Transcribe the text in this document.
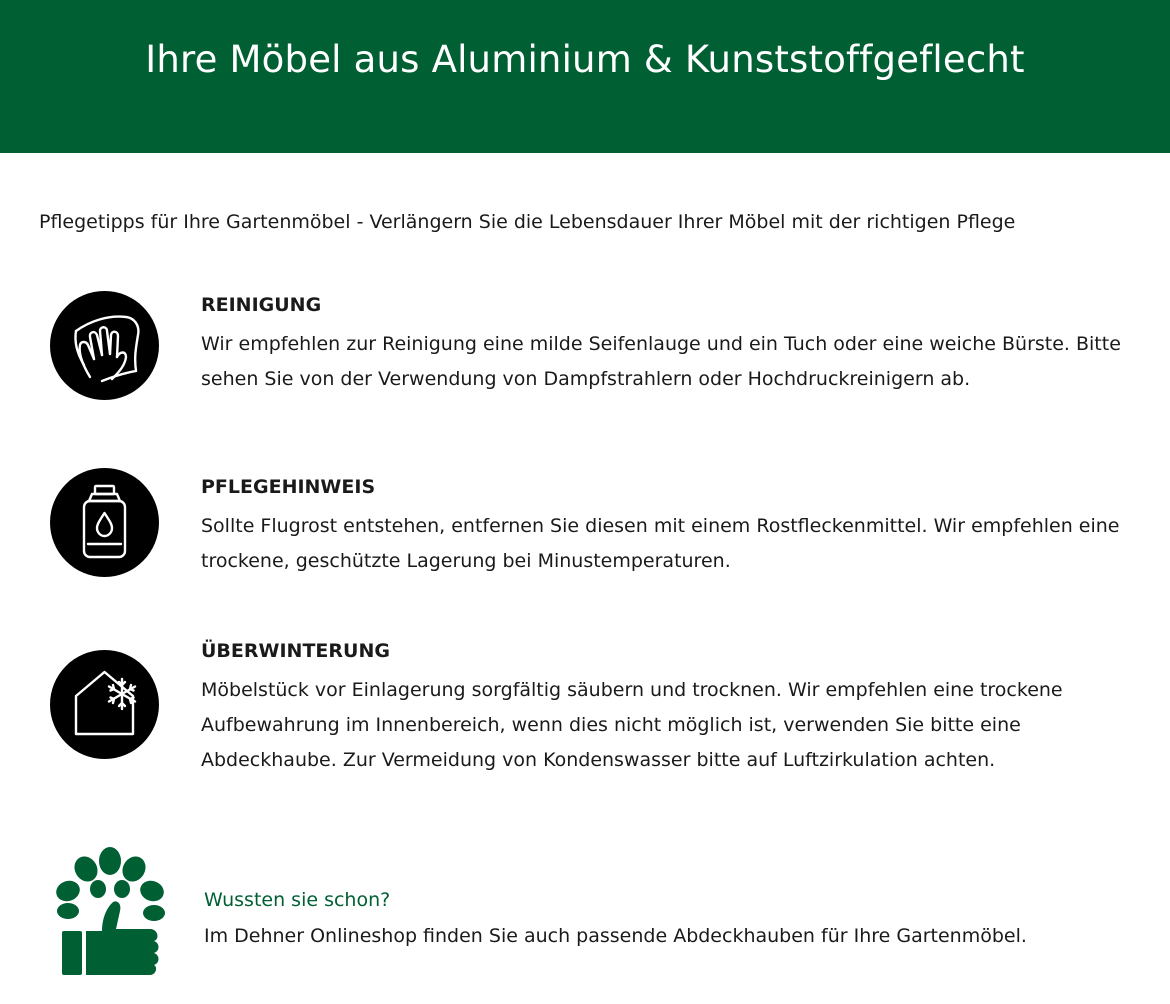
Ihre Möbel aus Aluminium & Kunststoffgeflecht
Pflegetipps für Ihre Gartenmöbel - Verlängern Sie die Lebensdauer Ihrer Möbel mit der richtigen Pflege
REINIGUNG
Wir empfehlen zur Reinigung eine milde Seifenlauge und ein Tuch oder eine weiche Bürste. Bitte sehen Sie von der Verwendung von Dampfstrahlern oder Hochdruckreinigern ab.
PFLEGEHINWEIS
Sollte Flugrost entstehen, entfernen Sie diesen mit einem Rostfleckenmittel. Wir empfehlen eine trockene, geschützte Lagerung bei Minustemperaturen.
ÜBERWINTERUNG
Möbelstück vor Einlagerung sorgfältig säubern und trocknen. Wir empfehlen eine trockene Aufbewahrung im Innenbereich, wenn dies nicht möglich ist, verwenden Sie bitte eine Abdeckhaube. Zur Vermeidung von Kondenswasser bitte auf Luftzirkulation achten.
Wussten sie schon?
Im Dehner Onlineshop finden Sie auch passende Abdeckhauben für Ihre Gartenmöbel.
